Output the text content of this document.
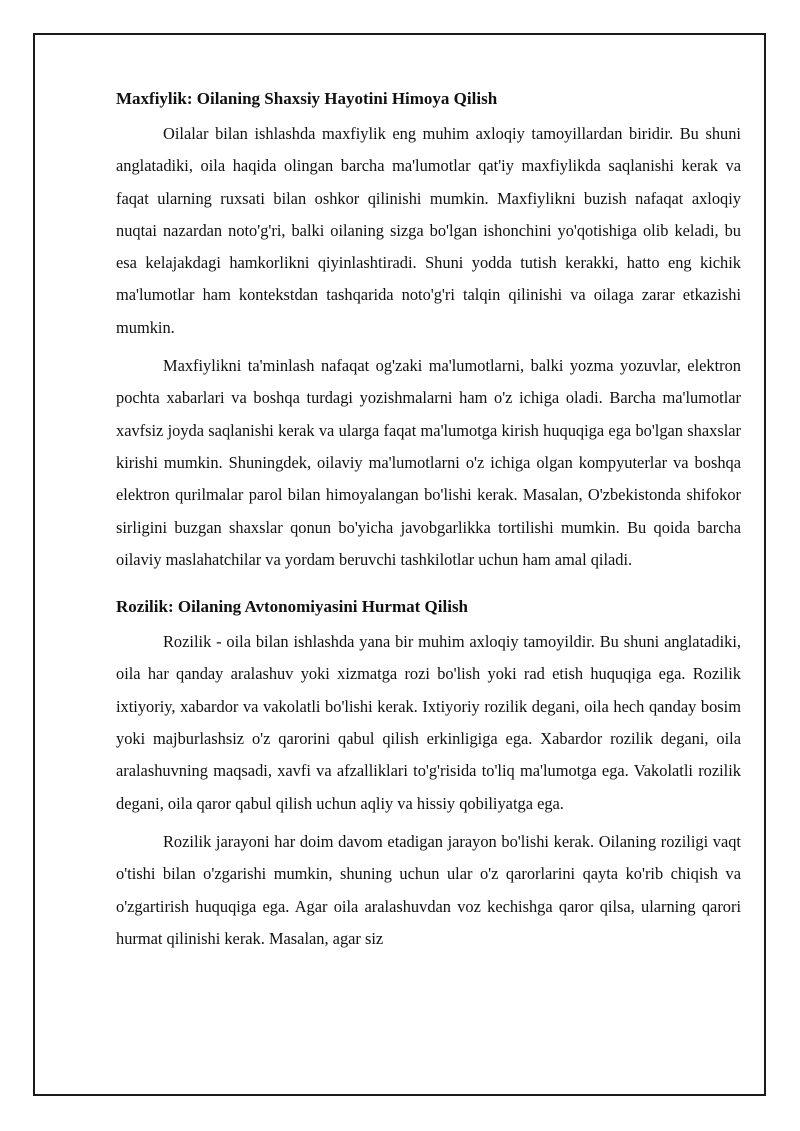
Maxfiylik: Oilaning Shaxsiy Hayotini Himoya Qilish

Oilalar bilan ishlashda maxfiylik eng muhim axloqiy tamoyillardan biridir. Bu shuni anglatadiki, oila haqida olingan barcha ma'lumotlar qat'iy maxfiylikda saqlanishi kerak va faqat ularning ruxsati bilan oshkor qilinishi mumkin. Maxfiylikni buzish nafaqat axloqiy nuqtai nazardan noto'g'ri, balki oilaning sizga bo'lgan ishonchini yo'qotishiga olib keladi, bu esa kelajakdagi hamkorlikni qiyinlashtiradi. Shuni yodda tutish kerakki, hatto eng kichik ma'lumotlar ham kontekstdan tashqarida noto'g'ri talqin qilinishi va oilaga zarar etkazishi mumkin.

Maxfiylikni ta'minlash nafaqat og'zaki ma'lumotlarni, balki yozma yozuvlar, elektron pochta xabarlari va boshqa turdagi yozishmalarni ham o'z ichiga oladi. Barcha ma'lumotlar xavfsiz joyda saqlanishi kerak va ularga faqat ma'lumotga kirish huquqiga ega bo'lgan shaxslar kirishi mumkin. Shuningdek, oilaviy ma'lumotlarni o'z ichiga olgan kompyuterlar va boshqa elektron qurilmalar parol bilan himoyalangan bo'lishi kerak. Masalan, O'zbekistonda shifokor sirligini buzgan shaxslar qonun bo'yicha javobgarlikka tortilishi mumkin. Bu qoida barcha oilaviy maslahatchilar va yordam beruvchi tashkilotlar uchun ham amal qiladi.

Rozilik: Oilaning Avtonomiyasini Hurmat Qilish

Rozilik - oila bilan ishlashda yana bir muhim axloqiy tamoyildir. Bu shuni anglatadiki, oila har qanday aralashuv yoki xizmatga rozi bo'lish yoki rad etish huquqiga ega. Rozilik ixtiyoriy, xabardor va vakolatli bo'lishi kerak. Ixtiyoriy rozilik degani, oila hech qanday bosim yoki majburlashsiz o'z qarorini qabul qilish erkinligiga ega. Xabardor rozilik degani, oila aralashuvning maqsadi, xavfi va afzalliklari to'g'risida to'liq ma'lumotga ega. Vakolatli rozilik degani, oila qaror qabul qilish uchun aqliy va hissiy qobiliyatga ega.

Rozilik jarayoni har doim davom etadigan jarayon bo'lishi kerak. Oilaning roziligi vaqt o'tishi bilan o'zgarishi mumkin, shuning uchun ular o'z qarorlarini qayta ko'rib chiqish va o'zgartirish huquqiga ega. Agar oila aralashuvdan voz kechishga qaror qilsa, ularning qarori hurmat qilinishi kerak. Masalan, agar siz
